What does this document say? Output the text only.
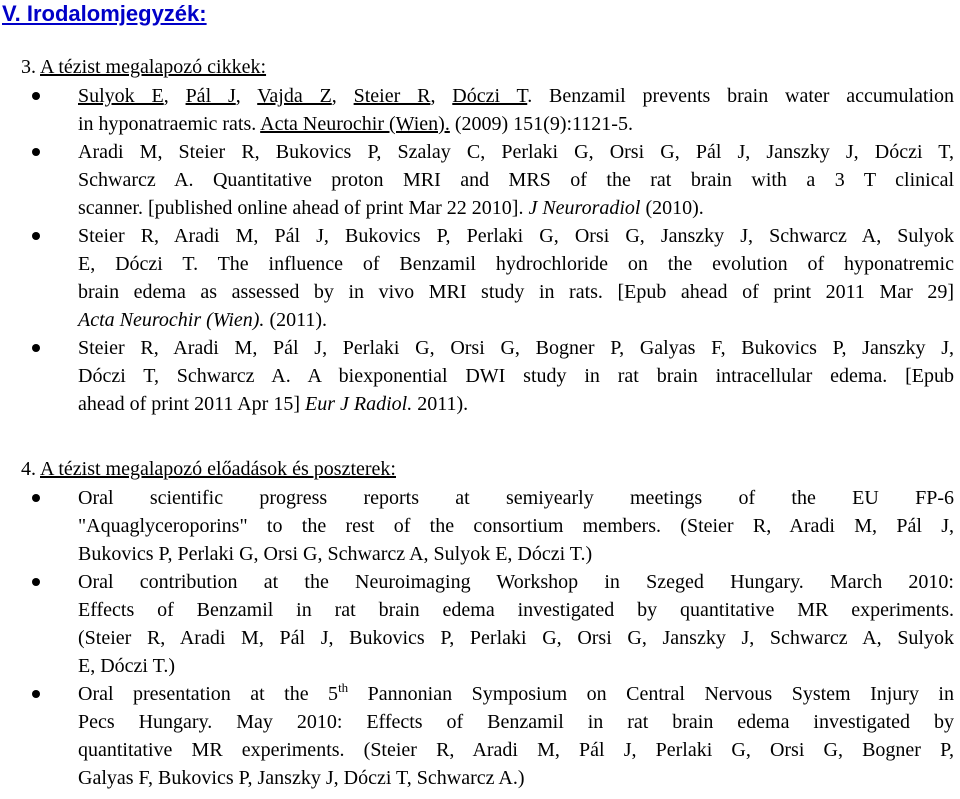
V. Irodalomjegyzék:
3. A tézist megalapozó cikkek:
Sulyok E, Pál J, Vajda Z, Steier R, Dóczi T. Benzamil prevents brain water accumulation
in hyponatraemic rats. Acta Neurochir (Wien). (2009) 151(9):1121-5.
Aradi M, Steier R, Bukovics P, Szalay C, Perlaki G, Orsi G, Pál J, Janszky J, Dóczi T,
Schwarcz A. Quantitative proton MRI and MRS of the rat brain with a 3 T clinical
scanner. [published online ahead of print Mar 22 2010]. J Neuroradiol (2010).
Steier R, Aradi M, Pál J, Bukovics P, Perlaki G, Orsi G, Janszky J, Schwarcz A, Sulyok
E, Dóczi T. The influence of Benzamil hydrochloride on the evolution of hyponatremic
brain edema as assessed by in vivo MRI study in rats. [Epub ahead of print 2011 Mar 29]
Acta Neurochir (Wien). (2011).
Steier R, Aradi M, Pál J, Perlaki G, Orsi G, Bogner P, Galyas F, Bukovics P, Janszky J,
Dóczi T, Schwarcz A. A biexponential DWI study in rat brain intracellular edema. [Epub
ahead of print 2011 Apr 15] Eur J Radiol. 2011).
4. A tézist megalapozó előadások és poszterek:
Oral scientific progress reports at semiyearly meetings of the EU FP-6
"Aquaglyceroporins" to the rest of the consortium members. (Steier R, Aradi M, Pál J,
Bukovics P, Perlaki G, Orsi G, Schwarcz A, Sulyok E, Dóczi T.)
Oral contribution at the Neuroimaging Workshop in Szeged Hungary. March 2010:
Effects of Benzamil in rat brain edema investigated by quantitative MR experiments.
(Steier R, Aradi M, Pál J, Bukovics P, Perlaki G, Orsi G, Janszky J, Schwarcz A, Sulyok
E, Dóczi T.)
Oral presentation at the 5th Pannonian Symposium on Central Nervous System Injury in
Pecs Hungary. May 2010: Effects of Benzamil in rat brain edema investigated by
quantitative MR experiments. (Steier R, Aradi M, Pál J, Perlaki G, Orsi G, Bogner P,
Galyas F, Bukovics P, Janszky J, Dóczi T, Schwarcz A.)
